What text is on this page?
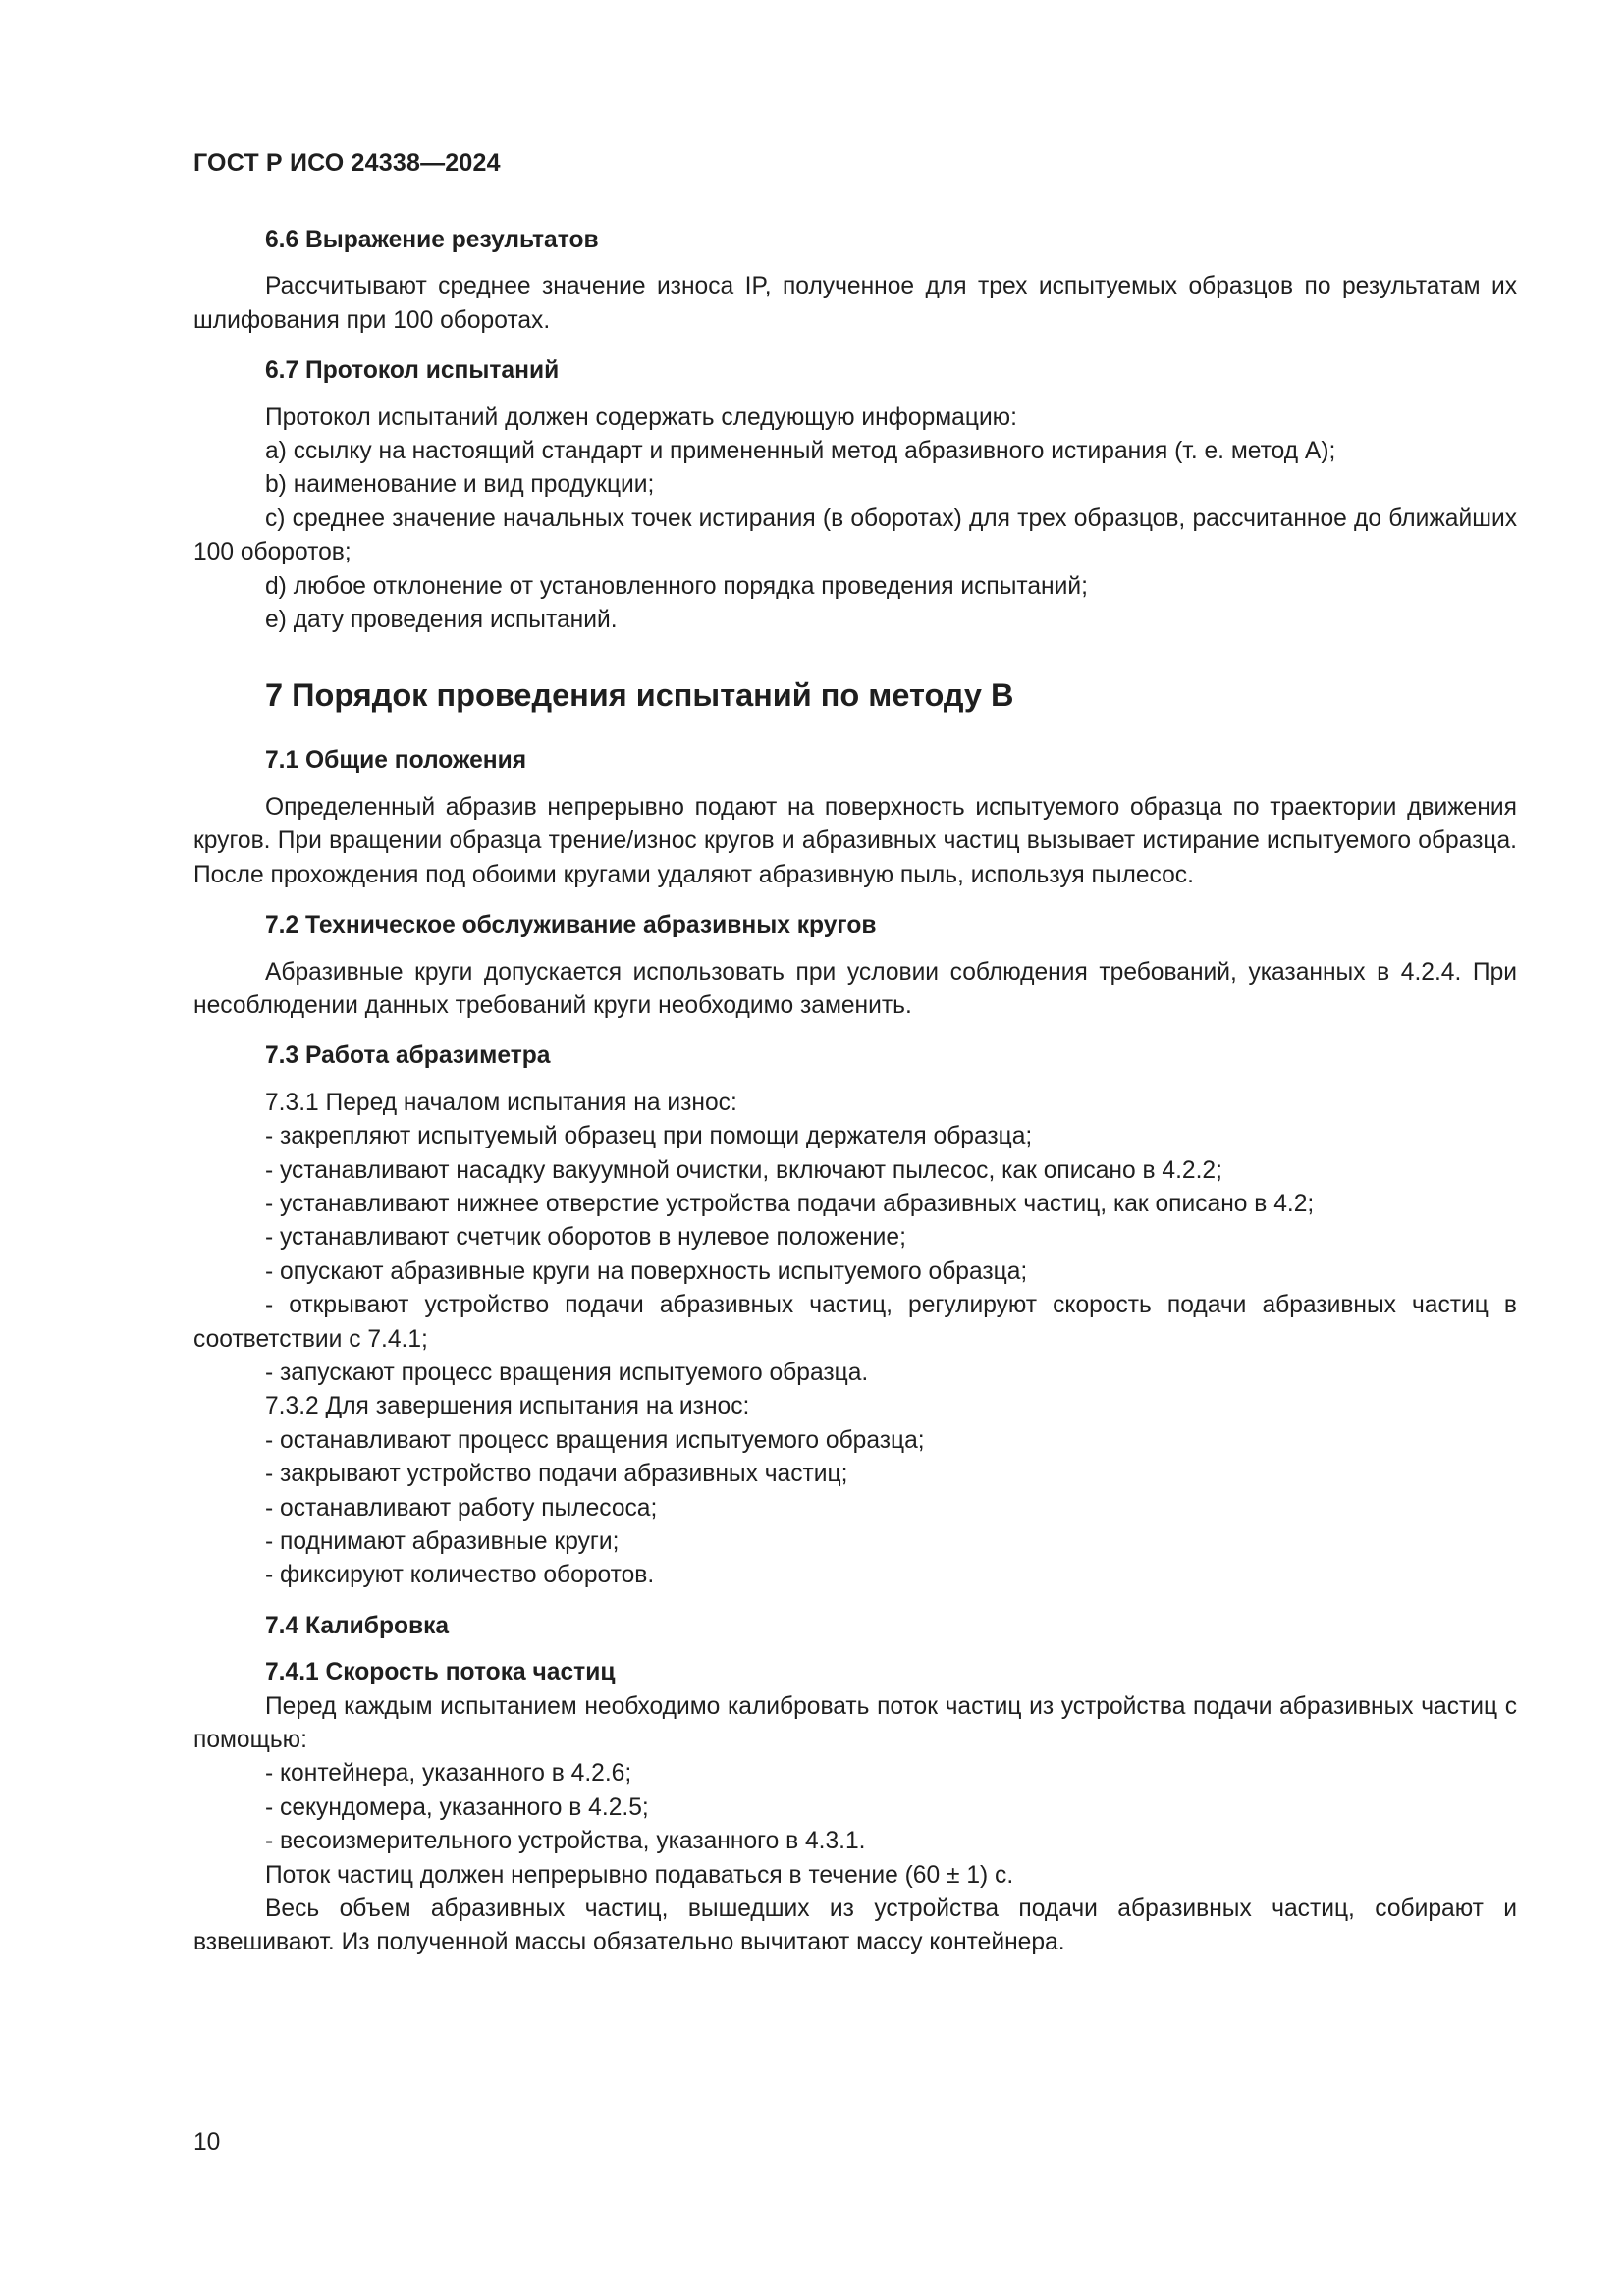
ГОСТ Р ИСО 24338—2024

6.6 Выражение результатов

Рассчитывают среднее значение износа IP, полученное для трех испытуемых образцов по результатам их шлифования при 100 оборотах.

6.7 Протокол испытаний

Протокол испытаний должен содержать следующую информацию:

a) ссылку на настоящий стандарт и примененный метод абразивного истирания (т. е. метод А);

b) наименование и вид продукции;

c) среднее значение начальных точек истирания (в оборотах) для трех образцов, рассчитанное до ближайших 100 оборотов;

d) любое отклонение от установленного порядка проведения испытаний;

e) дату проведения испытаний.

7 Порядок проведения испытаний по методу В
7.1 Общие положения

Определенный абразив непрерывно подают на поверхность испытуемого образца по траектории движения кругов. При вращении образца трение/износ кругов и абразивных частиц вызывает истирание испытуемого образца. После прохождения под обоими кругами удаляют абразивную пыль, используя пылесос.

7.2 Техническое обслуживание абразивных кругов

Абразивные круги допускается использовать при условии соблюдения требований, указанных в 4.2.4. При несоблюдении данных требований круги необходимо заменить.

7.3 Работа абразиметра

7.3.1 Перед началом испытания на износ:

- закрепляют испытуемый образец при помощи держателя образца;

- устанавливают насадку вакуумной очистки, включают пылесос, как описано в 4.2.2;

- устанавливают нижнее отверстие устройства подачи абразивных частиц, как описано в 4.2;

- устанавливают счетчик оборотов в нулевое положение;

- опускают абразивные круги на поверхность испытуемого образца;

- открывают устройство подачи абразивных частиц, регулируют скорость подачи абразивных частиц в соответствии с 7.4.1;

- запускают процесс вращения испытуемого образца.

7.3.2 Для завершения испытания на износ:

- останавливают процесс вращения испытуемого образца;

- закрывают устройство подачи абразивных частиц;

- останавливают работу пылесоса;

- поднимают абразивные круги;

- фиксируют количество оборотов.

7.4 Калибровка
7.4.1 Скорость потока частиц

Перед каждым испытанием необходимо калибровать поток частиц из устройства подачи абразивных частиц с помощью:

- контейнера, указанного в 4.2.6;

- секундомера, указанного в 4.2.5;

- весоизмерительного устройства, указанного в 4.3.1.

Поток частиц должен непрерывно подаваться в течение (60 ± 1) с.

Весь объем абразивных частиц, вышедших из устройства подачи абразивных частиц, собирают и взвешивают. Из полученной массы обязательно вычитают массу контейнера.

10
